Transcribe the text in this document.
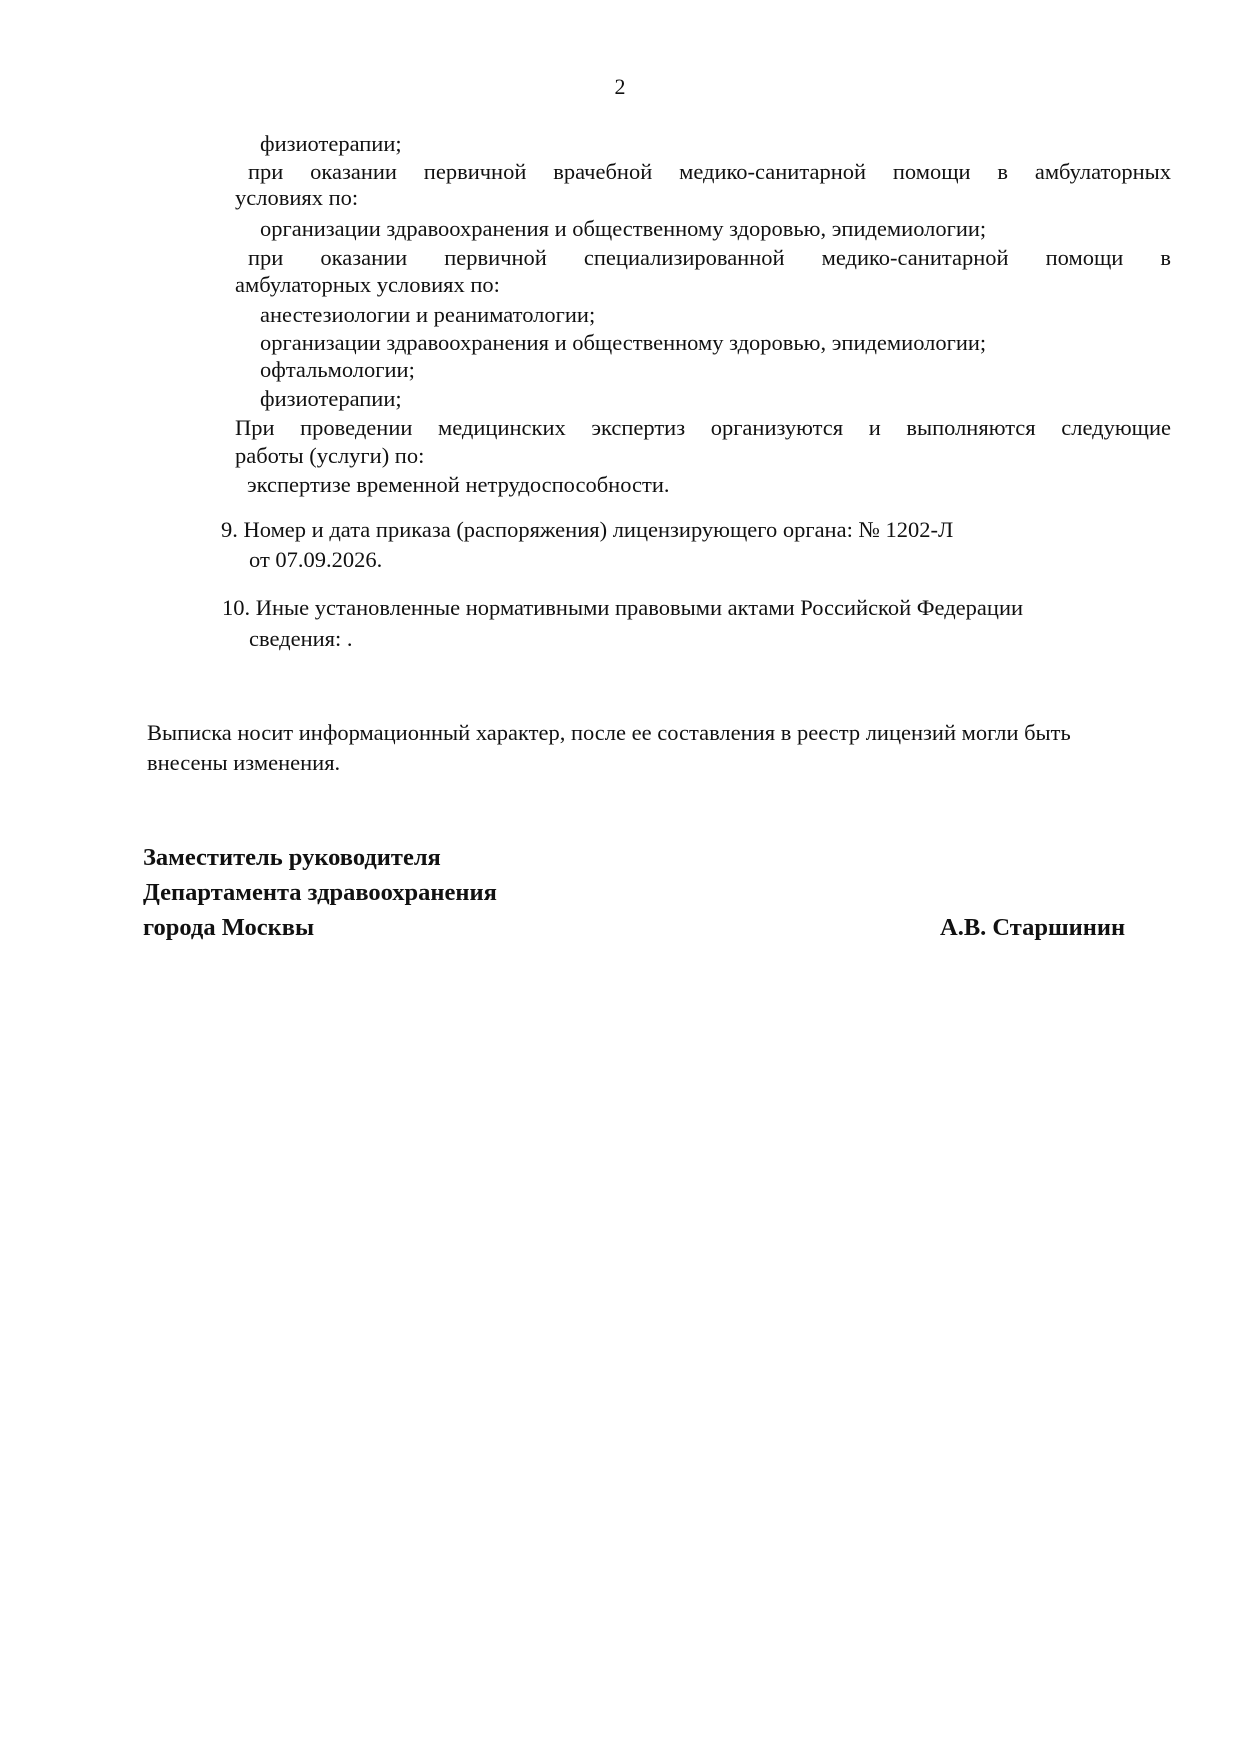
2
физиотерапии;
при оказании первичной врачебной медико-санитарной помощи в амбулаторных
условиях по:
организации здравоохранения и общественному здоровью, эпидемиологии;
при оказании первичной специализированной медико-санитарной помощи в
амбулаторных условиях по:
анестезиологии и реаниматологии;
организации здравоохранения и общественному здоровью, эпидемиологии;
офтальмологии;
физиотерапии;
При проведении медицинских экспертиз организуются и выполняются следующие
работы (услуги) по:
экспертизе временной нетрудоспособности.
9. Номер и дата приказа (распоряжения) лицензирующего органа: № 1202-Л
от 07.09.2026.
10. Иные установленные нормативными правовыми актами Российской Федерации
сведения: .
Выписка носит информационный характер, после ее составления в реестр лицензий могли быть
внесены изменения.
Заместитель руководителя
Департамента здравоохранения
города Москвы	А.В. Старшинин
